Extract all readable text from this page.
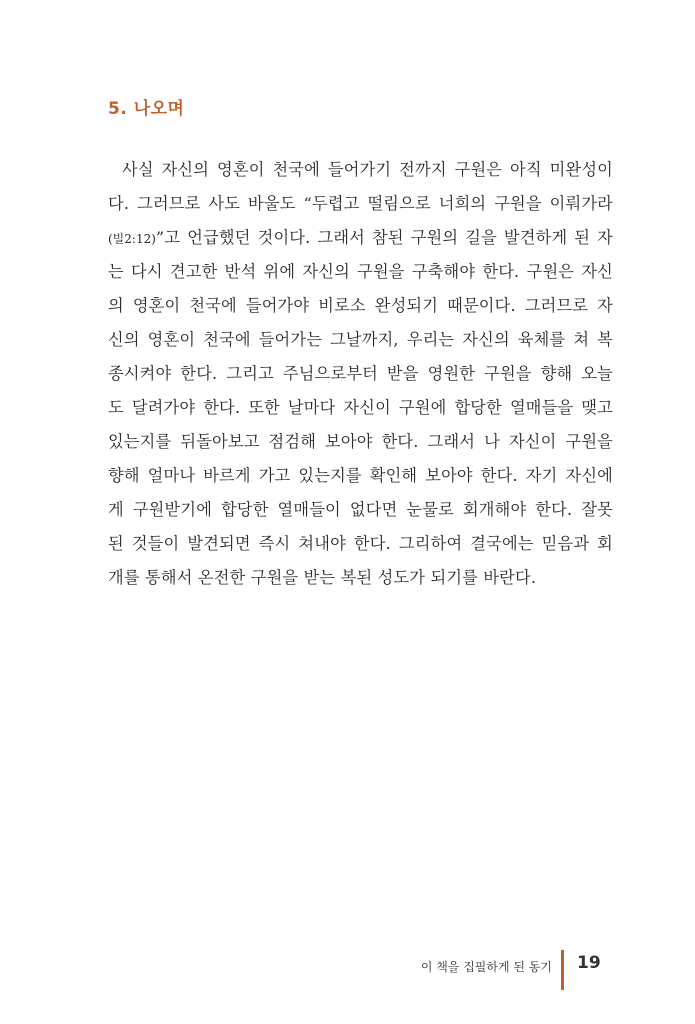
5. 나오며
사실 자신의 영혼이 천국에 들어가기 전까지 구원은 아직 미완성이
다. 그러므로 사도 바울도 “두렵고 떨림으로 너희의 구원을 이뤄가라
(빌2:12)”고 언급했던 것이다. 그래서 참된 구원의 길을 발견하게 된 자
는 다시 견고한 반석 위에 자신의 구원을 구축해야 한다. 구원은 자신
의 영혼이 천국에 들어가야 비로소 완성되기 때문이다. 그러므로 자
신의 영혼이 천국에 들어가는 그날까지, 우리는 자신의 육체를 쳐 복
종시켜야 한다. 그리고 주님으로부터 받을 영원한 구원을 향해 오늘
도 달려가야 한다. 또한 날마다 자신이 구원에 합당한 열매들을 맺고
있는지를 뒤돌아보고 점검해 보아야 한다. 그래서 나 자신이 구원을
향해 얼마나 바르게 가고 있는지를 확인해 보아야 한다. 자기 자신에
게 구원받기에 합당한 열매들이 없다면 눈물로 회개해야 한다. 잘못
된 것들이 발견되면 즉시 쳐내야 한다. 그리하여 결국에는 믿음과 회
개를 통해서 온전한 구원을 받는 복된 성도가 되기를 바란다.
이 책을 집필하게 된 동기 19
